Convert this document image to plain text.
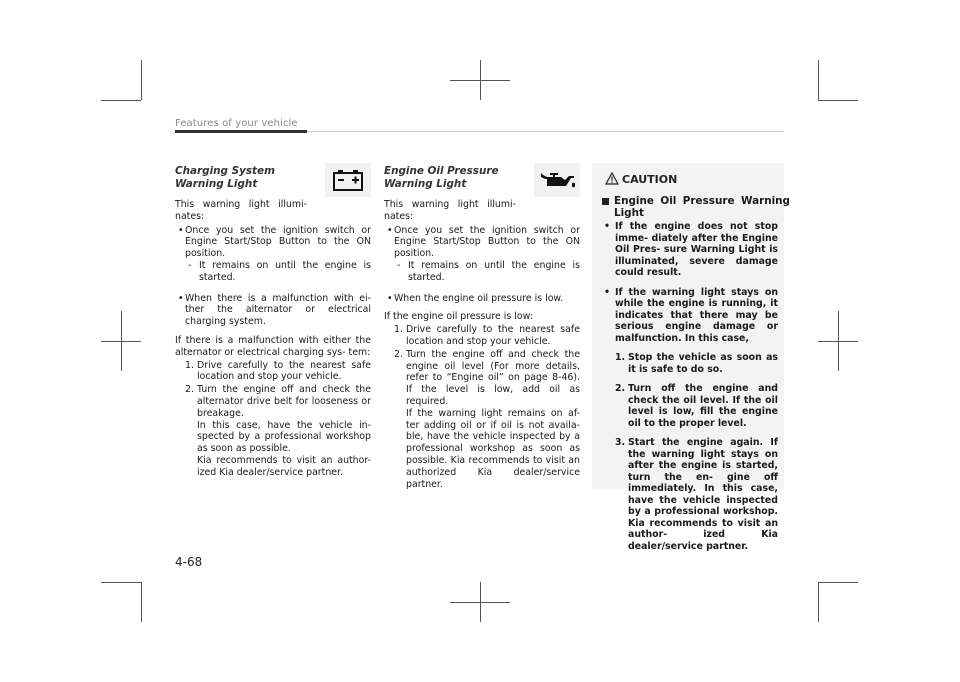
Features of your vehicle
Charging System
Warning Light
This warning light illumi-
nates:
• Once you set the ignition switch or Engine Start/Stop Button to the ON position.
- It remains on until the engine is started.
• When there is a malfunction with ei- ther the alternator or electrical charging system.
If there is a malfunction with either the alternator or electrical charging sys- tem:
1. Drive carefully to the nearest safe location and stop your vehicle.
2. Turn the engine off and check the alternator drive belt for looseness or breakage.
In this case, have the vehicle in- spected by a professional workshop as soon as possible.
Kia recommends to visit an author- ized Kia dealer/service partner.
Engine Oil Pressure
Warning Light
This warning light illumi-
nates:
• Once you set the ignition switch or Engine Start/Stop Button to the ON position.
- It remains on until the engine is started.
• When the engine oil pressure is low.
If the engine oil pressure is low:
1. Drive carefully to the nearest safe location and stop your vehicle.
2. Turn the engine off and check the engine oil level (For more details, refer to “Engine oil” on page 8-46). If the level is low, add oil as required.
If the warning light remains on af- ter adding oil or if oil is not availa- ble, have the vehicle inspected by a professional workshop as soon as possible. Kia recommends to visit an authorized Kia dealer/service partner.
CAUTION
Engine Oil Pressure Warning Light
• If the engine does not stop imme- diately after the Engine Oil Pres- sure Warning Light is illuminated, severe damage could result.
• If the warning light stays on while the engine is running, it indicates that there may be serious engine damage or malfunction. In this case,
1. Stop the vehicle as soon as it is safe to do so.
2. Turn off the engine and check the oil level. If the oil level is low, fill the engine oil to the proper level.
3. Start the engine again. If the warning light stays on after the engine is started, turn the en- gine off immediately. In this case, have the vehicle inspected by a professional workshop. Kia recommends to visit an author- ized Kia dealer/service partner.
4-68
